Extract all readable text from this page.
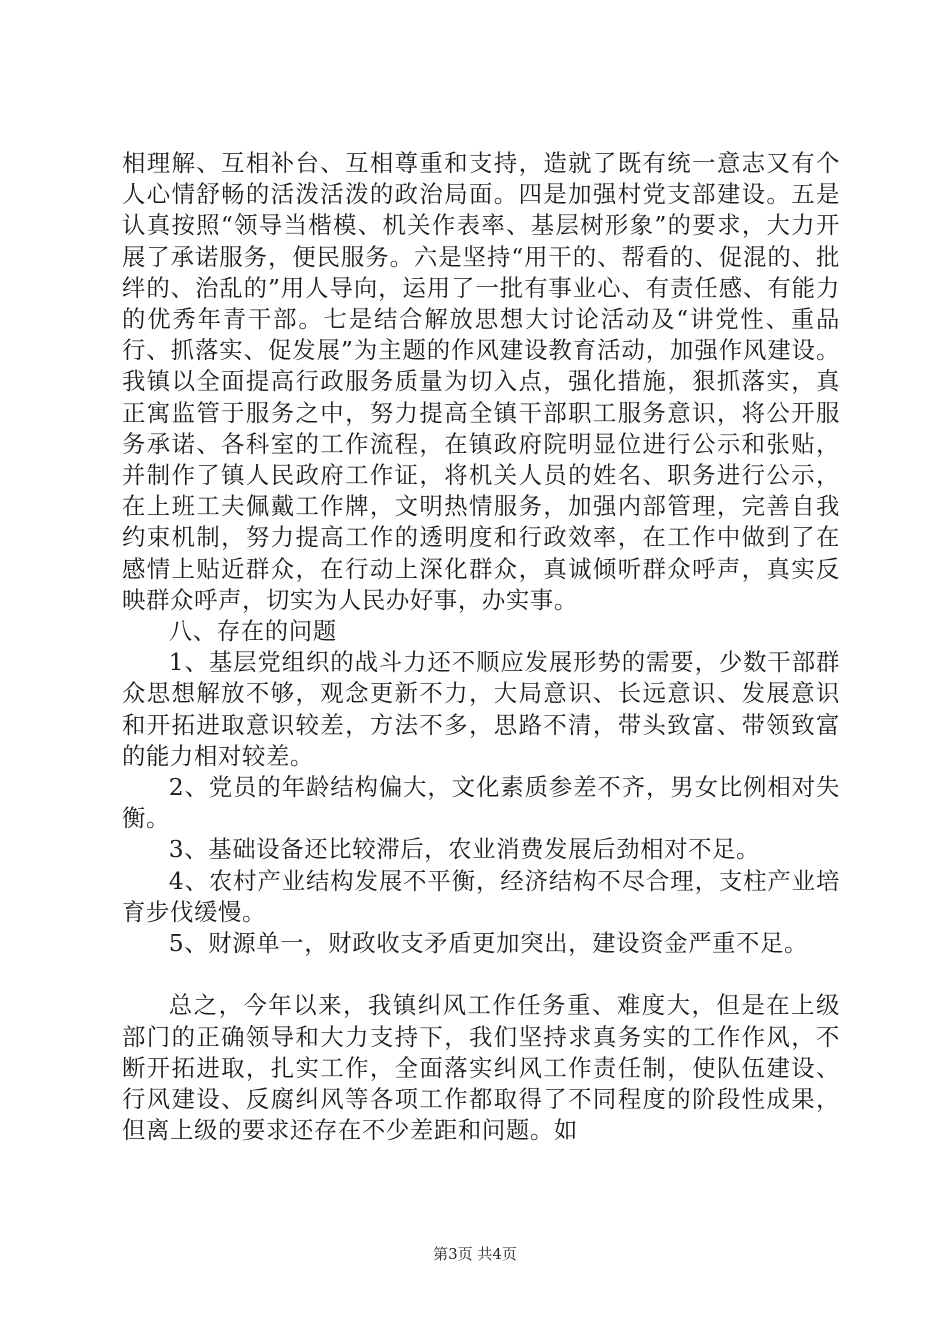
相理解、互相补台、互相尊重和支持，造就了既有统一意志又有个人心情舒畅的活泼活泼的政治局面。四是加强村党支部建设。五是认真按照“领导当楷模、机关作表率、基层树形象”的要求，大力开展了承诺服务，便民服务。六是坚持“用干的、帮看的、促混的、批绊的、治乱的”用人导向，运用了一批有事业心、有责任感、有能力的优秀年青干部。七是结合解放思想大讨论活动及“讲党性、重品行、抓落实、促发展”为主题的作风建设教育活动，加强作风建设。我镇以全面提高行政服务质量为切入点，强化措施，狠抓落实，真正寓监管于服务之中，努力提高全镇干部职工服务意识，将公开服务承诺、各科室的工作流程，在镇政府院明显位进行公示和张贴，并制作了镇人民政府工作证，将机关人员的姓名、职务进行公示，在上班工夫佩戴工作牌，文明热情服务，加强内部管理，完善自我约束机制，努力提高工作的透明度和行政效率，在工作中做到了在感情上贴近群众，在行动上深化群众，真诚倾听群众呼声，真实反映群众呼声，切实为人民办好事，办实事。

八、存在的问题

1、基层党组织的战斗力还不顺应发展形势的需要，少数干部群众思想解放不够，观念更新不力，大局意识、长远意识、发展意识和开拓进取意识较差，方法不多，思路不清，带头致富、带领致富的能力相对较差。

2、党员的年龄结构偏大，文化素质参差不齐，男女比例相对失衡。

3、基础设备还比较滞后，农业消费发展后劲相对不足。

4、农村产业结构发展不平衡，经济结构不尽合理，支柱产业培育步伐缓慢。

5、财源单一，财政收支矛盾更加突出，建设资金严重不足。

总之，今年以来，我镇纠风工作任务重、难度大，但是在上级部门的正确领导和大力支持下，我们坚持求真务实的工作作风，不断开拓进取，扎实工作，全面落实纠风工作责任制，使队伍建设、行风建设、反腐纠风等各项工作都取得了不同程度的阶段性成果，但离上级的要求还存在不少差距和问题。如

第3页 共4页
